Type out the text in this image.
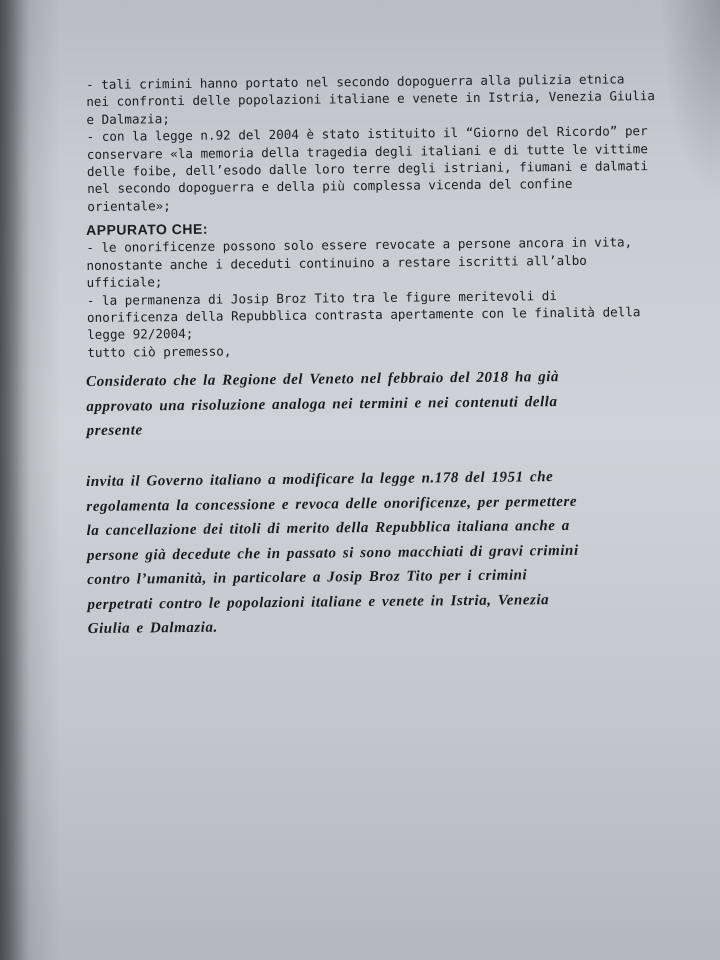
- tali crimini hanno portato nel secondo dopoguerra alla pulizia etnica
nei confronti delle popolazioni italiane e venete in Istria, Venezia Giulia
e Dalmazia;
- con la legge n.92 del 2004 è stato istituito il “Giorno del Ricordo” per
conservare «la memoria della tragedia degli italiani e di tutte le vittime
delle foibe, dell’esodo dalle loro terre degli istriani, fiumani e dalmati
nel secondo dopoguerra e della più complessa vicenda del confine
orientale»;
APPURATO CHE:
- le onorificenze possono solo essere revocate a persone ancora in vita,
nonostante anche i deceduti continuino a restare iscritti all’albo
ufficiale;
- la permanenza di Josip Broz Tito tra le figure meritevoli di
onorificenza della Repubblica contrasta apertamente con le finalità della
legge 92/2004;
tutto ciò premesso,
Considerato che la Regione del Veneto nel febbraio del 2018 ha già
approvato una risoluzione analoga nei termini e nei contenuti della
presente
invita il Governo italiano a modificare la legge n.178 del 1951 che
regolamenta la concessione e revoca delle onorificenze, per permettere
la cancellazione dei titoli di merito della Repubblica italiana anche a
persone già decedute che in passato si sono macchiati di gravi crimini
contro l’umanità, in particolare a Josip Broz Tito per i crimini
perpetrati contro le popolazioni italiane e venete in Istria, Venezia
Giulia e Dalmazia.
